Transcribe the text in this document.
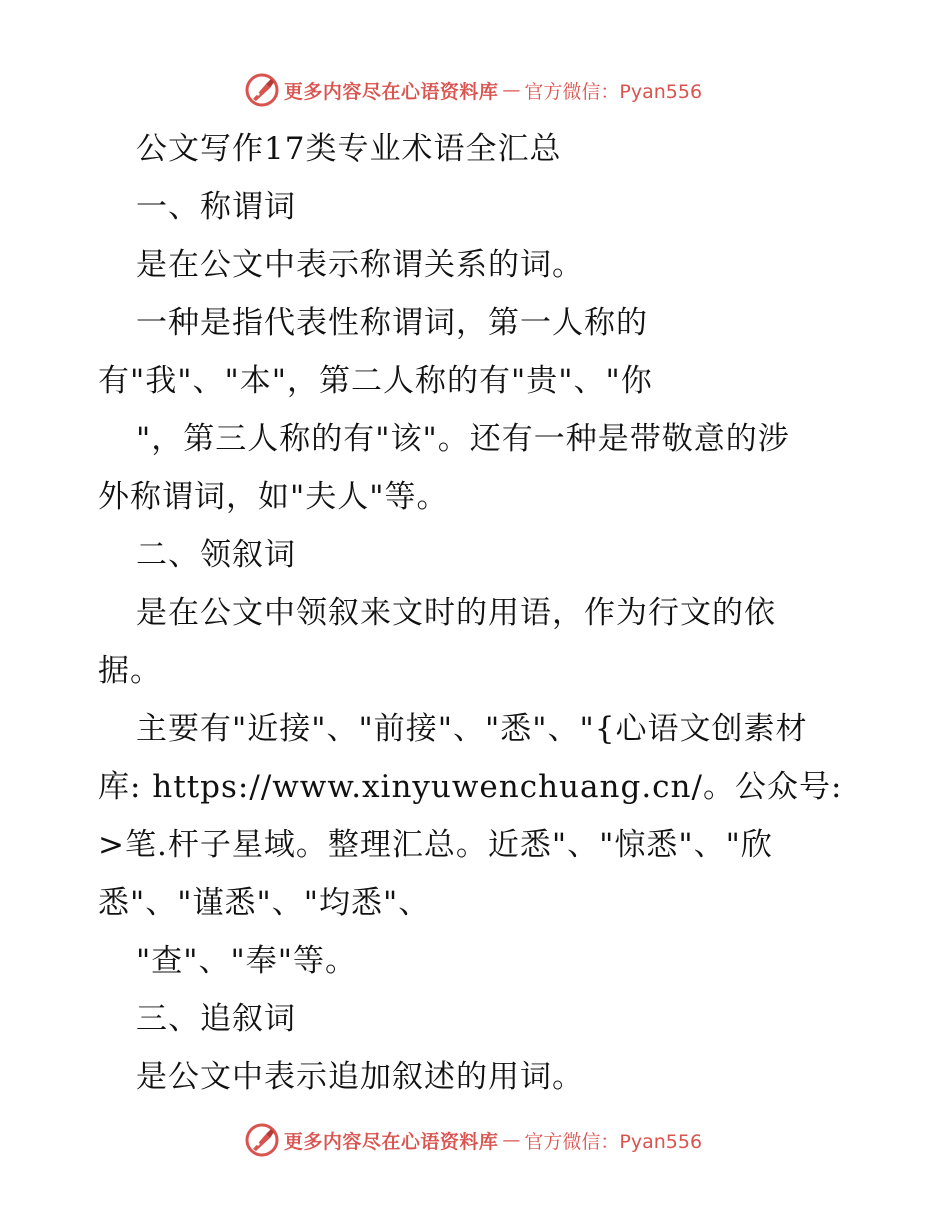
更多内容尽在心语资料库 — 官方微信：Pyan556
公文写作17类专业术语全汇总
一、称谓词
是在公文中表示称谓关系的词。
一种是指代表性称谓词，第一人称的
有"我"、"本"，第二人称的有"贵"、"你
"，第三人称的有"该"。还有一种是带敬意的涉
外称谓词，如"夫人"等。
二、领叙词
是在公文中领叙来文时的用语，作为行文的依
据。
主要有"近接"、"前接"、"悉"、"{心语文创素材
库: https://www.xinyuwenchuang.cn/。公众号:
>笔.杆子星域。整理汇总。近悉"、"惊悉"、"欣
悉"、"谨悉"、"均悉"、
"查"、"奉"等。
三、追叙词
是公文中表示追加叙述的用词。
更多内容尽在心语资料库 — 官方微信：Pyan556
